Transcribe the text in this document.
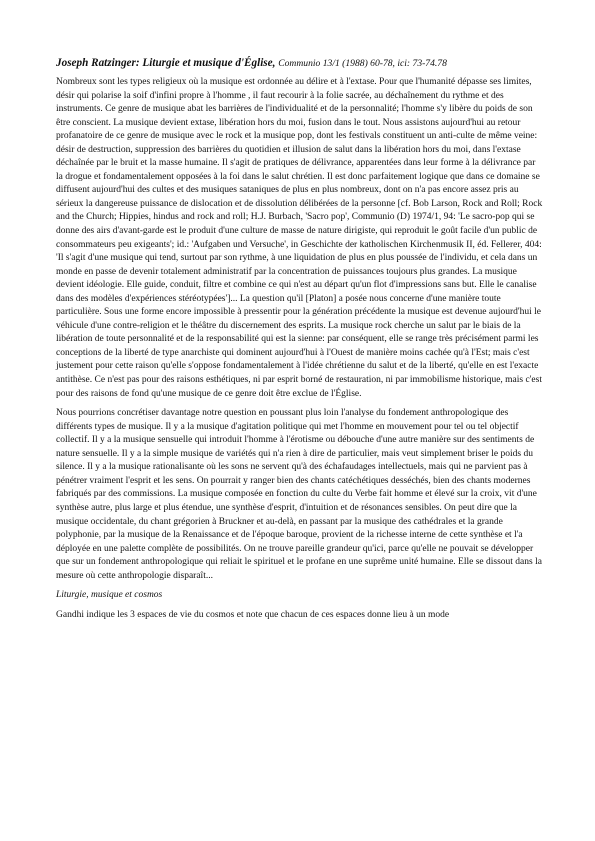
Joseph Ratzinger: Liturgie et musique d'Église, Communio 13/1 (1988) 60-78, ici: 73-74.78

Nombreux sont les types religieux où la musique est ordonnée au délire et à l'extase. Pour que l'humanité dépasse ses limites, désir qui polarise la soif d'infini propre à l'homme , il faut recourir à la folie sacrée, au déchaînement du rythme et des instruments. Ce genre de musique abat les barrières de l'individualité et de la personnalité; l'homme s'y libère du poids de son être conscient. La musique devient extase, libération hors du moi, fusion dans le tout. Nous assistons aujourd'hui au retour profanatoire de ce genre de musique avec le rock et la musique pop, dont les festivals constituent un anti-culte de même veine: désir de destruction, suppression des barrières du quotidien et illusion de salut dans la libération hors du moi, dans l'extase déchaînée par le bruit et la masse humaine. Il s'agit de pratiques de délivrance, apparentées dans leur forme à la délivrance par la drogue et fondamentalement opposées à la foi dans le salut chrétien. Il est donc parfaitement logique que dans ce domaine se diffusent aujourd'hui des cultes et des musiques sataniques de plus en plus nombreux, dont on n'a pas encore assez pris au sérieux la dangereuse puissance de dislocation et de dissolution délibérées de la personne [cf. Bob Larson, Rock and Roll; Rock and the Church; Hippies, hindus and rock and roll; H.J. Burbach, 'Sacro pop', Communio (D) 1974/1, 94: 'Le sacro-pop qui se donne des airs d'avant-garde est le produit d'une culture de masse de nature dirigiste, qui reproduit le goût facile d'un public de consommateurs peu exigeants'; id.: 'Aufgaben und Versuche', in Geschichte der katholischen Kirchenmusik II, éd. Fellerer, 404: 'Il s'agit d'une musique qui tend, surtout par son rythme, à une liquidation de plus en plus poussée de l'individu, et cela dans un monde en passe de devenir totalement administratif par la concentration de puissances toujours plus grandes. La musique devient idéologie. Elle guide, conduit, filtre et combine ce qui n'est au départ qu'un flot d'impressions sans but. Elle le canalise dans des modèles d'expériences stéréotypées']... La question qu'il [Platon] a posée nous concerne d'une manière toute particulière. Sous une forme encore impossible à pressentir pour la génération précédente la musique est devenue aujourd'hui le véhicule d'une contre-religion et le théâtre du discernement des esprits. La musique rock cherche un salut par le biais de la libération de toute personnalité et de la responsabilité qui est la sienne: par conséquent, elle se range très précisément parmi les conceptions de la liberté de type anarchiste qui dominent aujourd'hui à l'Ouest de manière moins cachée qu'à l'Est; mais c'est justement pour cette raison qu'elle s'oppose fondamentalement à l'idée chrétienne du salut et de la liberté, qu'elle en est l'exacte antithèse. Ce n'est pas pour des raisons esthétiques, ni par esprit borné de restauration, ni par immobilisme historique, mais c'est pour des raisons de fond qu'une musique de ce genre doit être exclue de l'Église.

Nous pourrions concrétiser davantage notre question en poussant plus loin l'analyse du fondement anthropologique des différents types de musique. Il y a la musique d'agitation politique qui met l'homme en mouvement pour tel ou tel objectif collectif. Il y a la musique sensuelle qui introduit l'homme à l'érotisme ou débouche d'une autre manière sur des sentiments de nature sensuelle. Il y a la simple musique de variétés qui n'a rien à dire de particulier, mais veut simplement briser le poids du silence. Il y a la musique rationalisante où les sons ne servent qu'à des échafaudages intellectuels, mais qui ne parvient pas à pénétrer vraiment l'esprit et les sens. On pourrait y ranger bien des chants catéchétiques desséchés, bien des chants modernes fabriqués par des commissions. La musique composée en fonction du culte du Verbe fait homme et élevé sur la croix, vit d'une synthèse autre, plus large et plus étendue, une synthèse d'esprit, d'intuition et de résonances sensibles. On peut dire que la musique occidentale, du chant grégorien à Bruckner et au-delà, en passant par la musique des cathédrales et la grande polyphonie, par la musique de la Renaissance et de l'époque baroque, provient de la richesse interne de cette synthèse et l'a déployée en une palette complète de possibilités. On ne trouve pareille grandeur qu'ici, parce qu'elle ne pouvait se développer que sur un fondement anthropologique qui reliait le spirituel et le profane en une suprême unité humaine. Elle se dissout dans la mesure où cette anthropologie disparaît...

Liturgie, musique et cosmos

Gandhi indique les 3 espaces de vie du cosmos et note que chacun de ces espaces donne lieu à un mode
